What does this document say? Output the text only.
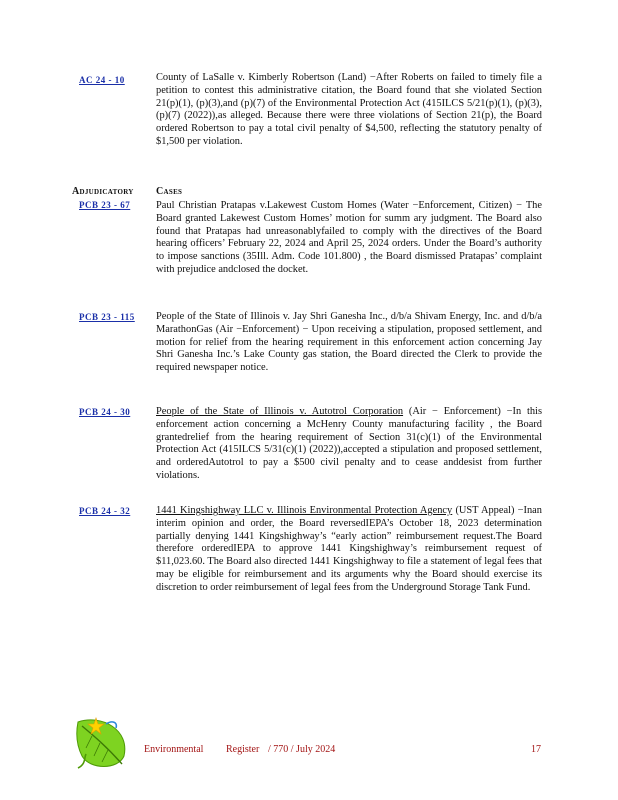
AC 24 - 10	County of LaSalle v. Kimberly Robertson (Land) −After Roberts on failed to timely file a petition to contest this administrative citation, the Board found that she violated Section 21(p)(1), (p)(3),and (p)(7) of the Environmental Protection Act (415ILCS 5/21(p)(1), (p)(3), (p)(7) (2022)),as alleged. Because there were three violations of Section 21(p), the Board ordered Robertson to pay a total civil penalty of $4,500, reflecting the statutory penalty of $1,500 per violation.
ADJUDICATORY CASES
PCB 23 - 67	Paul Christian Pratapas v.Lakewest Custom Homes (Water −Enforcement, Citizen) − The Board granted Lakewest Custom Homes’ motion for summ ary judgment. The Board also found that Pratapas had unreasonablyfailed to comply with the directives of the Board hearing officers’ February 22, 2024 and April 25, 2024 orders. Under the Board’s authority to impose sanctions (35Ill. Adm. Code 101.800) , the Board dismissed Pratapas’ complaint with prejudice andclosed the docket.
PCB 23 - 115	People of the State of Illinois v. Jay Shri Ganesha Inc., d/b/a Shivam Energy, Inc. and d/b/a MarathonGas (Air −Enforcement) − Upon receiving a stipulation, proposed settlement, and motion for relief from the hearing requirement in this enforcement action concerning Jay Shri Ganesha Inc.’s Lake County gas station, the Board directed the Clerk to provide the required newspaper notice.
PCB 24 - 30	People of the State of Illinois v. Autotrol Corporation (Air − Enforcement) −In this enforcement action concerning a McHenry County manufacturing facility , the Board grantedrelief from the hearing requirement of Section 31(c)(1) of the Environmental Protection Act (415ILCS 5/31(c)(1) (2022)),accepted a stipulation and proposed settlement, and orderedAutotrol to pay a $500 civil penalty and to cease anddesist from further violations.
PCB 24 - 32	1441 Kingshighway LLC v. Illinois Environmental Protection Agency (UST Appeal) −Inan interim opinion and order, the Board reversedIEPA’s October 18, 2023 determination partially denying 1441 Kingshighway’s “early action” reimbursement request.The Board therefore orderedIEPA to approve 1441 Kingshighway’s reimbursement request of $11,023.60. The Board also directed 1441 Kingshighway to file a statement of legal fees that may be eligible for reimbursement and its arguments why the Board should exercise its discretion to order reimbursement of legal fees from the Underground Storage Tank Fund.
Environmental Register / 770 / July 2024	17
